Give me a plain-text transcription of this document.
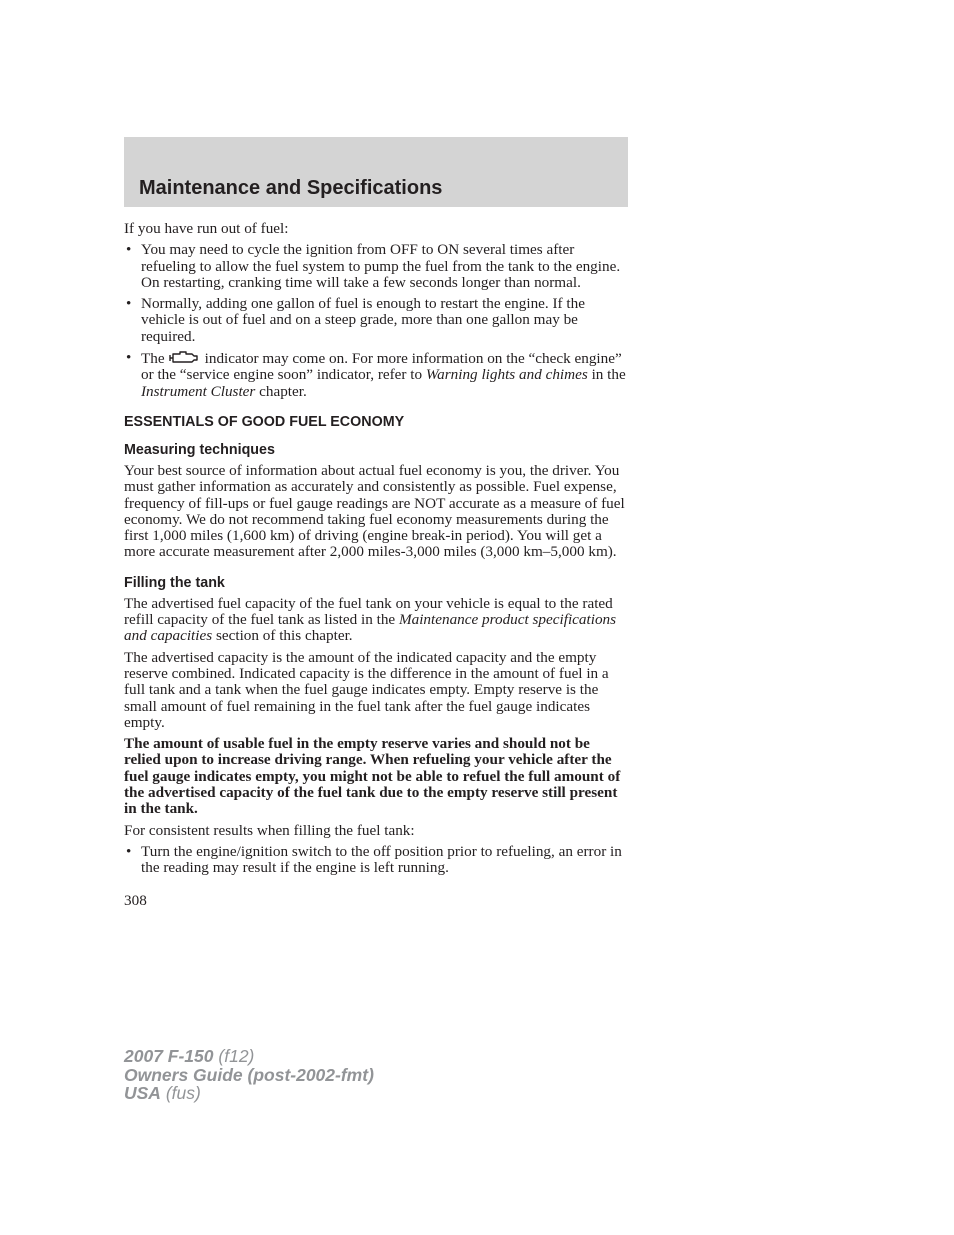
Maintenance and Specifications

If you have run out of fuel:

• You may need to cycle the ignition from OFF to ON several times after refueling to allow the fuel system to pump the fuel from the tank to the engine. On restarting, cranking time will take a few seconds longer than normal.
• Normally, adding one gallon of fuel is enough to restart the engine. If the vehicle is out of fuel and on a steep grade, more than one gallon may be required.
• The	indicator may come on. For more information on the “check engine” or the “service engine soon” indicator, refer to Warning lights and chimes in the Instrument Cluster chapter.
ESSENTIALS OF GOOD FUEL ECONOMY
Measuring techniques

Your best source of information about actual fuel economy is you, the driver. You must gather information as accurately and consistently as possible. Fuel expense, frequency of fill-ups or fuel gauge readings are NOT accurate as a measure of fuel economy. We do not recommend taking fuel economy measurements during the first 1,000 miles (1,600 km) of driving (engine break-in period). You will get a more accurate measurement after 2,000 miles-3,000 miles (3,000 km–5,000 km).

Filling the tank

The advertised fuel capacity of the fuel tank on your vehicle is equal to the rated refill capacity of the fuel tank as listed in the Maintenance product specifications and capacities section of this chapter.

The advertised capacity is the amount of the indicated capacity and the empty reserve combined. Indicated capacity is the difference in the amount of fuel in a full tank and a tank when the fuel gauge indicates empty. Empty reserve is the small amount of fuel remaining in the fuel tank after the fuel gauge indicates empty.

The amount of usable fuel in the empty reserve varies and should not be relied upon to increase driving range. When refueling your vehicle after the fuel gauge indicates empty, you might not be able to refuel the full amount of the advertised capacity of the fuel tank due to the empty reserve still present in the tank.

For consistent results when filling the fuel tank:

• Turn the engine/ignition switch to the off position prior to refueling, an error in the reading may result if the engine is left running.
308
2007 F-150 (f12)
Owners Guide (post-2002-fmt)
USA (fus)
